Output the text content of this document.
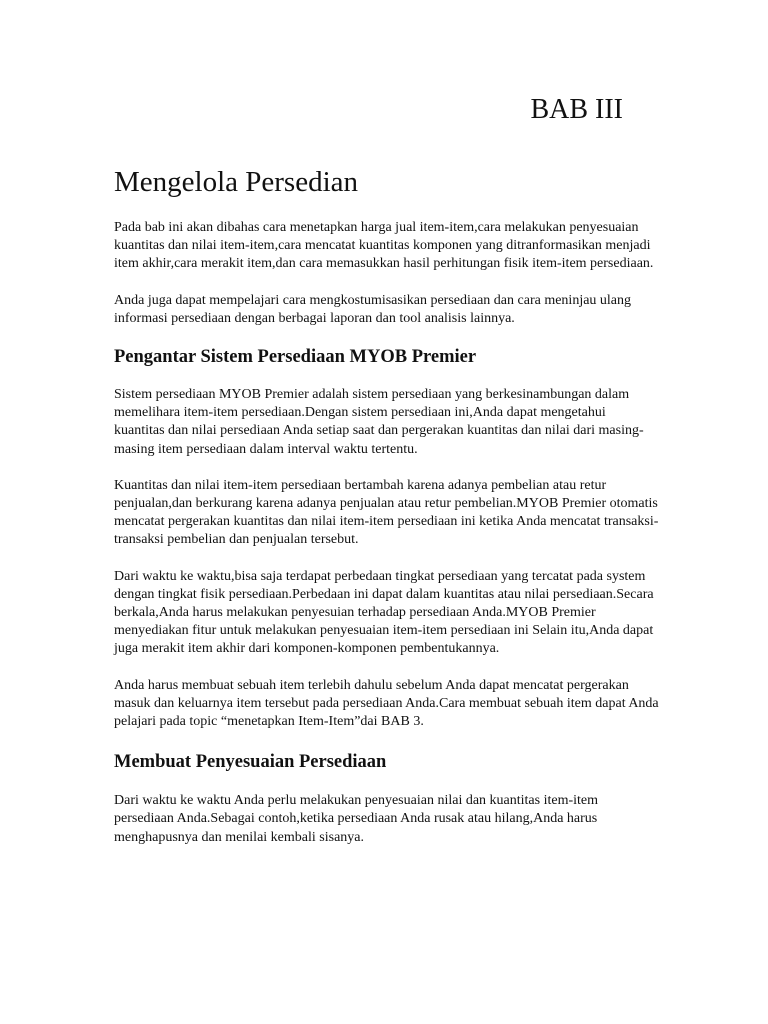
BAB III
Mengelola Persedian

Pada bab ini akan dibahas cara menetapkan harga jual item-item,cara melakukan penyesuaian kuantitas dan nilai item-item,cara mencatat kuantitas komponen yang ditranformasikan menjadi item akhir,cara merakit item,dan cara memasukkan hasil perhitungan fisik item-item persediaan.

Anda juga dapat mempelajari cara mengkostumisasikan persediaan dan cara meninjau ulang informasi persediaan dengan berbagai laporan dan tool analisis lainnya.

Pengantar Sistem Persediaan MYOB Premier

Sistem persediaan MYOB Premier adalah sistem persediaan yang berkesinambungan dalam memelihara item-item persediaan.Dengan sistem persediaan ini,Anda dapat mengetahui kuantitas dan nilai persediaan Anda setiap saat dan pergerakan kuantitas dan nilai dari masing-masing item persediaan dalam interval waktu tertentu.

Kuantitas dan nilai item-item persediaan bertambah karena adanya pembelian atau retur penjualan,dan berkurang karena adanya penjualan atau retur pembelian.MYOB Premier otomatis mencatat pergerakan kuantitas dan nilai item-item persediaan ini ketika Anda mencatat transaksi-transaksi pembelian dan penjualan tersebut.

Dari waktu ke waktu,bisa saja terdapat perbedaan tingkat persediaan yang tercatat pada system dengan tingkat fisik persediaan.Perbedaan ini dapat dalam kuantitas atau nilai persediaan.Secara berkala,Anda harus melakukan penyesuian terhadap persediaan Anda.MYOB Premier menyediakan fitur untuk melakukan penyesuaian item-item persediaan ini Selain itu,Anda dapat juga merakit item akhir dari komponen-komponen pembentukannya.

Anda harus membuat sebuah item terlebih dahulu sebelum Anda dapat mencatat pergerakan masuk dan keluarnya item tersebut pada persediaan Anda.Cara membuat sebuah item dapat Anda pelajari pada topic “menetapkan Item-Item”dai BAB 3.

Membuat Penyesuaian Persediaan

Dari waktu ke waktu Anda perlu melakukan penyesuaian nilai dan kuantitas item-item persediaan Anda.Sebagai contoh,ketika persediaan Anda rusak atau hilang,Anda harus menghapusnya dan menilai kembali sisanya.
